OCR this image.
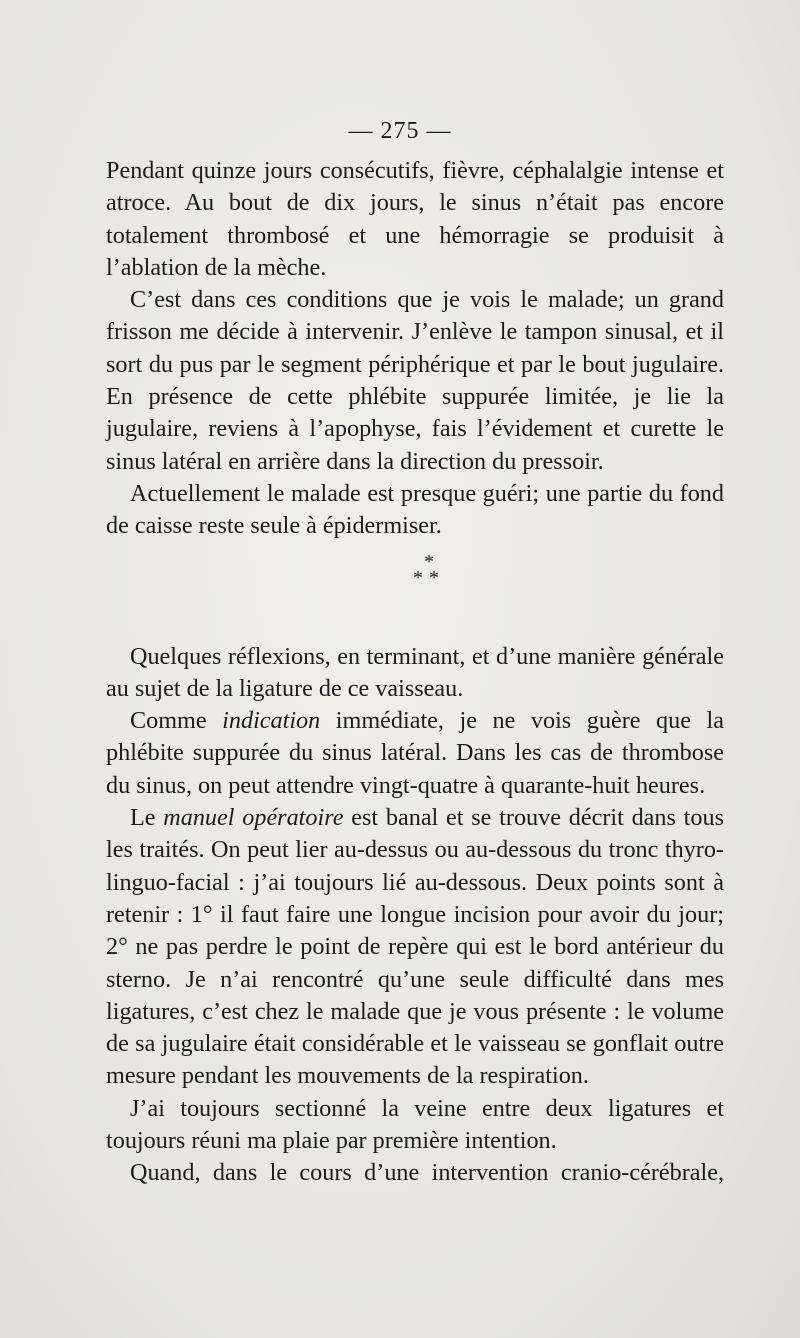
— 275 —

Pendant quinze jours consécutifs, fièvre, céphalalgie intense et atroce. Au bout de dix jours, le sinus n’était pas encore totalement thrombosé et une hémorragie se produisit à l’ablation de la mèche.

C’est dans ces conditions que je vois le malade; un grand frisson me décide à intervenir. J’enlève le tampon sinusal, et il sort du pus par le segment périphérique et par le bout jugulaire. En présence de cette phlébite suppurée limitée, je lie la jugulaire, reviens à l’apophyse, fais l’évidement et curette le sinus latéral en arrière dans la direction du pressoir.

Actuellement le malade est presque guéri; une partie du fond de caisse reste seule à épidermiser.

*
**

Quelques réflexions, en terminant, et d’une manière générale au sujet de la ligature de ce vaisseau.

Comme indication immédiate, je ne vois guère que la phlébite suppurée du sinus latéral. Dans les cas de thrombose du sinus, on peut attendre vingt-quatre à quarante-huit heures.

Le manuel opératoire est banal et se trouve décrit dans tous les traités. On peut lier au-dessus ou au-dessous du tronc thyro-linguo-facial : j’ai toujours lié au-dessous. Deux points sont à retenir : 1° il faut faire une longue incision pour avoir du jour; 2° ne pas perdre le point de repère qui est le bord antérieur du sterno. Je n’ai rencontré qu’une seule difficulté dans mes ligatures, c’est chez le malade que je vous présente : le volume de sa jugulaire était considérable et le vaisseau se gonflait outre mesure pendant les mouvements de la respiration.

J’ai toujours sectionné la veine entre deux ligatures et toujours réuni ma plaie par première intention.

Quand, dans le cours d’une intervention cranio-cérébrale,
